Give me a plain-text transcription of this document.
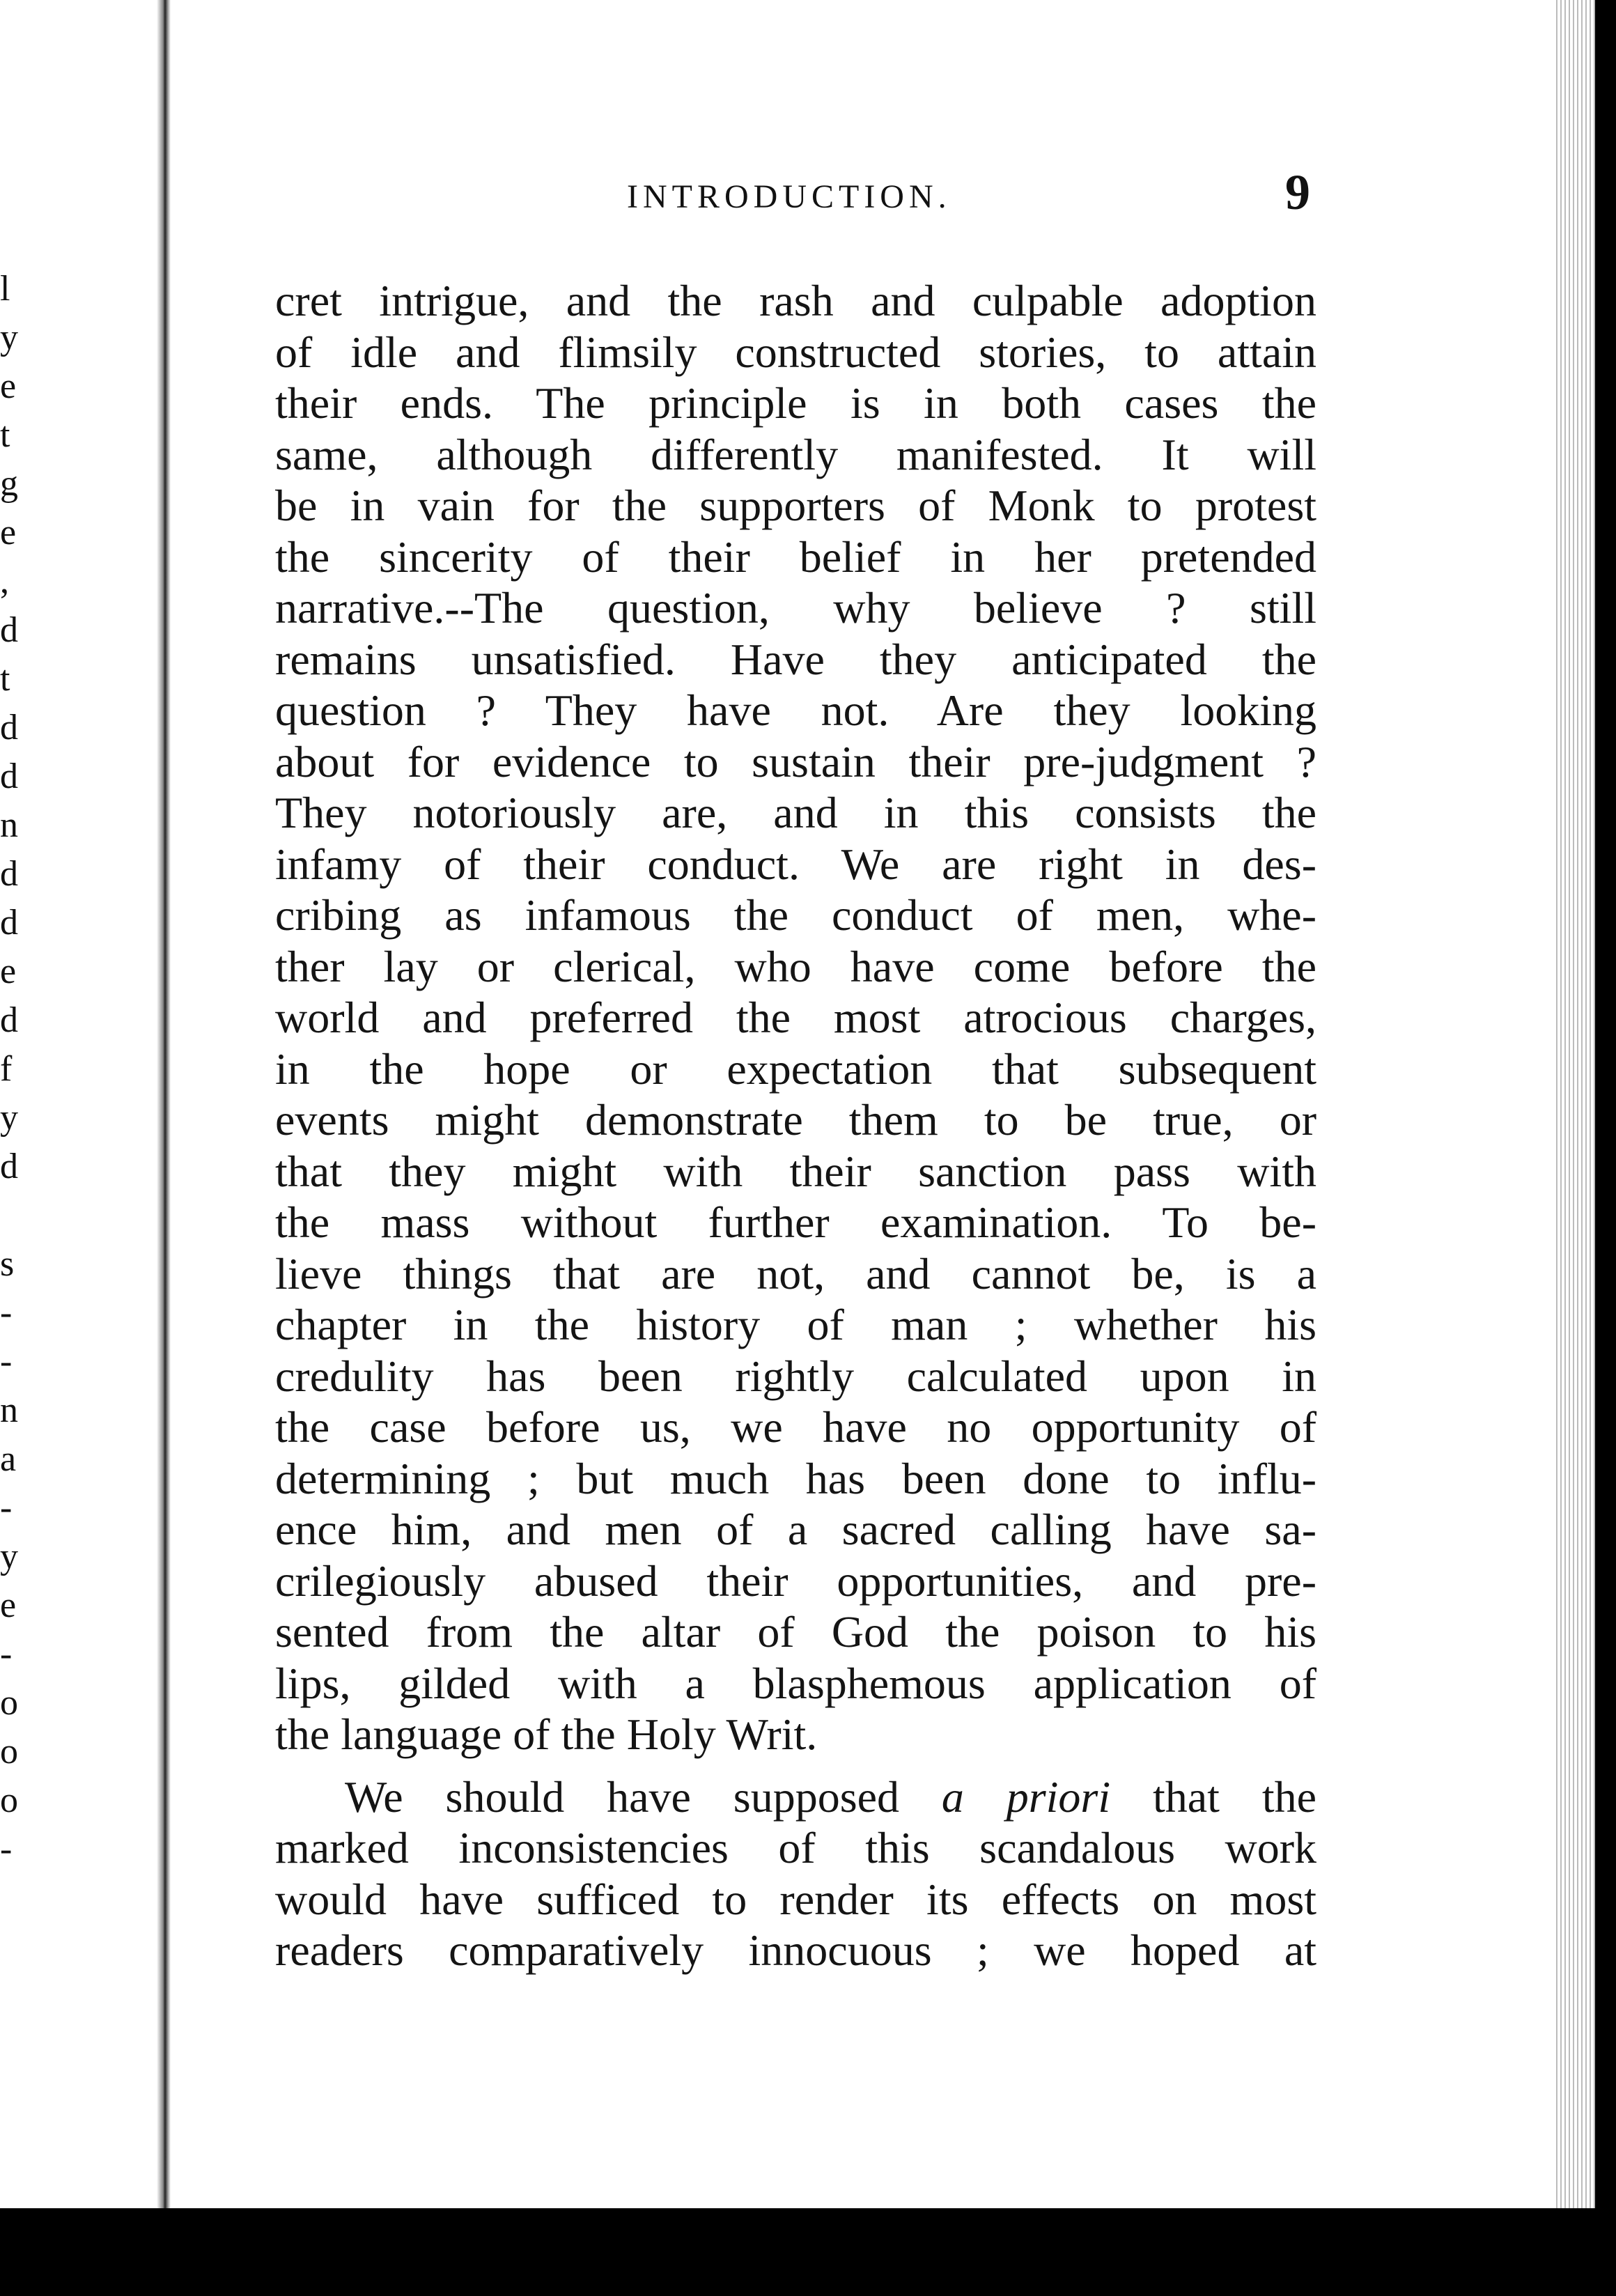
l
y
e
t
g
e
,
d
t
d
d
n
d
d
e
d
f
y
d
s
-
-
n
a
-
y
e
-
o
o
o
-
INTRODUCTION.	9
cret intrigue, and the rash and culpable adoption
of idle and flimsily constructed stories, to attain
their ends. The principle is in both cases the
same, although differently manifested. It will
be in vain for the supporters of Monk to protest
the sincerity of their belief in her pretended
narrative.--The question, why believe ? still
remains unsatisfied. Have they anticipated the
question ? They have not. Are they looking
about for evidence to sustain their pre-judgment ?
They notoriously are, and in this consists the
infamy of their conduct. We are right in des-
cribing as infamous the conduct of men, whe-
ther lay or clerical, who have come before the
world and preferred the most atrocious charges,
in the hope or expectation that subsequent
events might demonstrate them to be true, or
that they might with their sanction pass with
the mass without further examination. To be-
lieve things that are not, and cannot be, is a
chapter in the history of man ; whether his
credulity has been rightly calculated upon in
the case before us, we have no opportunity of
determining ; but much has been done to influ-
ence him, and men of a sacred calling have sa-
crilegiously abused their opportunities, and pre-
sented from the altar of God the poison to his
lips, gilded with a blasphemous application of
the language of the Holy Writ.
We should have supposed a priori that the
marked inconsistencies of this scandalous work
would have sufficed to render its effects on most
readers comparatively innocuous ; we hoped at
